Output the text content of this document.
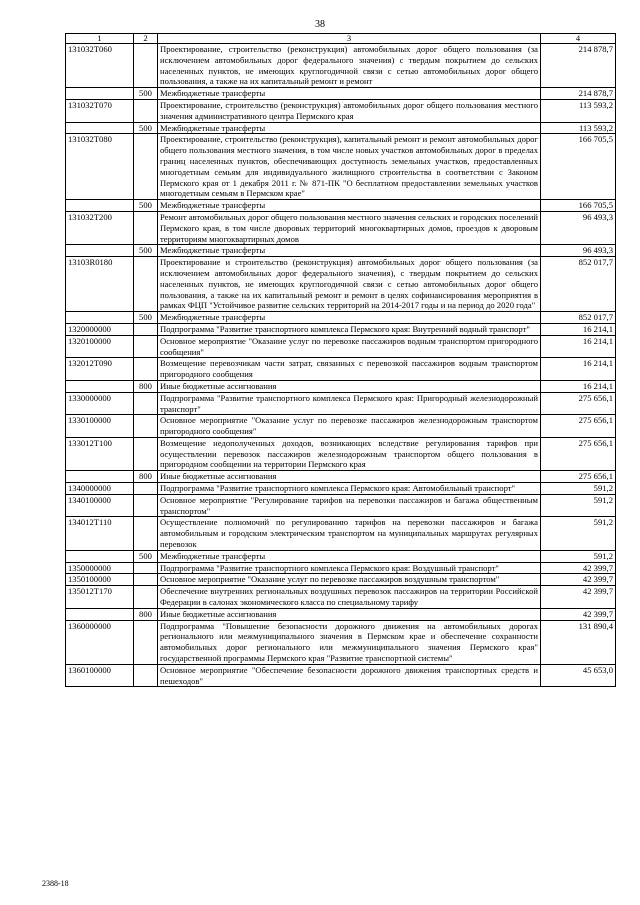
38
1	2	3	4
131032Т060		Проектирование, строительство (реконструкция) автомобильных дорог общего пользования (за исключением автомобильных дорог федерального значения) с твердым покрытием до сельских населенных пунктов, не имеющих круглогодичной связи с сетью автомобильных дорог общего пользования, а также на их капитальный ремонт и ремонт	214 878,7
	500	Межбюджетные трансферты	214 878,7
131032Т070		Проектирование, строительство (реконструкция) автомобильных дорог общего пользования местного значения административного центра Пермского края	113 593,2
	500	Межбюджетные трансферты	113 593,2
131032Т080		Проектирование, строительство (реконструкция), капитальный ремонт и ремонт автомобильных дорог общего пользования местного значения, в том числе новых участков автомобильных дорог в пределах границ населенных пунктов, обеспечивающих доступность земельных участков, предоставленных многодетным семьям для индивидуального жилищного строительства в соответствии с Законом Пермского края от 1 декабря 2011 г. № 871-ПК "О бесплатном предоставлении земельных участков многодетным семьям в Пермском крае"	166 705,5
	500	Межбюджетные трансферты	166 705,5
131032Т200		Ремонт автомобильных дорог общего пользования местного значения сельских и городских поселений Пермского края, в том числе дворовых территорий многоквартирных домов, проездов к дворовым территориям многоквартирных домов	96 493,3
	500	Межбюджетные трансферты	96 493,3
13103R0180		Проектирование и строительство (реконструкция) автомобильных дорог общего пользования (за исключением автомобильных дорог федерального значения), с твердым покрытием до сельских населенных пунктов, не имеющих круглогодичной связи с сетью автомобильных дорог общего пользования, а также на их капитальный ремонт и ремонт в целях софинансирования мероприятия в рамках ФЦП "Устойчивое развитие сельских территорий на 2014-2017 годы и на период до 2020 года"	852 017,7
	500	Межбюджетные трансферты	852 017,7
1320000000		Подпрограмма "Развитие транспортного комплекса Пермского края: Внутренний водный транспорт"	16 214,1
1320100000		Основное мероприятие "Оказание услуг по перевозке пассажиров водным транспортом пригородного сообщения"	16 214,1
132012Т090		Возмещение перевозчикам части затрат, связанных с перевозкой пассажиров водным транспортом пригородного сообщения	16 214,1
	800	Иные бюджетные ассигнования	16 214,1
1330000000		Подпрограмма "Развитие транспортного комплекса Пермского края: Пригородный железнодорожный транспорт"	275 656,1
1330100000		Основное мероприятие "Оказание услуг по перевозке пассажиров железнодорожным транспортом пригородного сообщения"	275 656,1
133012Т100		Возмещение недополученных доходов, возникающих вследствие регулирования тарифов при осуществлении перевозок пассажиров железнодорожным транспортом общего пользования в пригородном сообщении на территории Пермского края	275 656,1
	800	Иные бюджетные ассигнования	275 656,1
1340000000		Подпрограмма "Развитие транспортного комплекса Пермского края: Автомобильный транспорт"	591,2
1340100000		Основное мероприятие "Регулирование тарифов на перевозки пассажиров и багажа общественным транспортом"	591,2
134012Т110		Осуществление полномочий по регулированию тарифов на перевозки пассажиров и багажа автомобильным и городским электрическим транспортом на муниципальных маршрутах регулярных перевозок	591,2
	500	Межбюджетные трансферты	591,2
1350000000		Подпрограмма "Развитие транспортного комплекса Пермского края: Воздушный транспорт"	42 399,7
1350100000		Основное мероприятие "Оказание услуг по перевозке пассажиров воздушным транспортом"	42 399,7
135012Т170		Обеспечение внутренних региональных воздушных перевозок пассажиров на территории Российской Федерации в салонах экономического класса по специальному тарифу	42 399,7
	800	Иные бюджетные ассигнования	42 399,7
1360000000		Подпрограмма "Повышение безопасности дорожного движения на автомобильных дорогах регионального или межмуниципального значения в Пермском крае и обеспечение сохранности автомобильных дорог регионального или межмуниципального значения Пермского края" государственной программы Пермского края "Развитие транспортной системы"	131 890,4
1360100000		Основное мероприятие "Обеспечение безопасности дорожного движения транспортных средств и пешеходов"	45 653,0
2388-18
